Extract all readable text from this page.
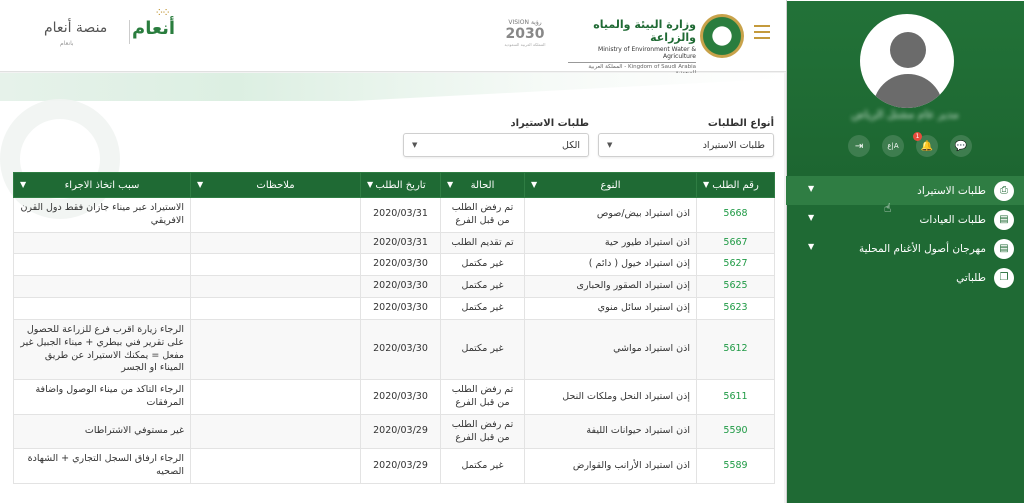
وزارة البيئة والمياه والزراعة
Ministry of Environment Water & Agriculture
Kingdom of Saudi Arabia - المملكة العربية
VISION رؤية
2030
المملكة العربية السعودية
⁘⁘
أنعام
منصة أنعام
بانعام
أنواع الطلبات
طلبات الاستيراد
▼
طلبات الاستيراد
الكل
▼
رقم الطلب
▼	النوع
▼	الحالة
▼	تاريخ الطلب
▼	ملاحظات
▼	سبب اتخاذ الاجراء
▼

5668	اذن استيراد بيض/صوص	تم رفض الطلب من قبل الفرع	2020/03/31		الاستيراد عبر ميناء جازان فقط دول القرن الافريقي
5667	اذن استيراد طيور حية	تم تقديم الطلب	2020/03/31		
5627	إذن استيراد خيول ( دائم )	غير مكتمل	2020/03/30		
5625	إذن استيراد الصقور والحبارى	غير مكتمل	2020/03/30		
5623	إذن استيراد سائل منوي	غير مكتمل	2020/03/30		
5612	اذن استيراد مواشي	غير مكتمل	2020/03/30		الرجاء زيارة اقرب فرع للزراعة للحصول على تقرير فني بيطري + ميناء الجبيل غير مفعل = يمكنك الاستيراد عن طريق الميناء او الجسر
5611	إذن استيراد النحل وملكات النحل	تم رفض الطلب من قبل الفرع	2020/03/30		الرجاء التاكد من ميناء الوصول واضافة المرفقات
5590	اذن استيراد حيوانات الليفة	تم رفض الطلب من قبل الفرع	2020/03/29		غير مستوفي الاشتراطات
5589	اذن استيراد الأرانب والقوارض	غير مكتمل	2020/03/29		الرجاء ارفاق السجل التجاري + الشهادة الصحيه
مدير عام مشتل الرياض
💬
🔔
1
A|ع
⇥
⎙
طلبات الاستيراد
▼
▤
طلبات العيادات
▼
☝
▤
مهرجان أصول الأغنام المحلية
▼
❐
طلباتي
